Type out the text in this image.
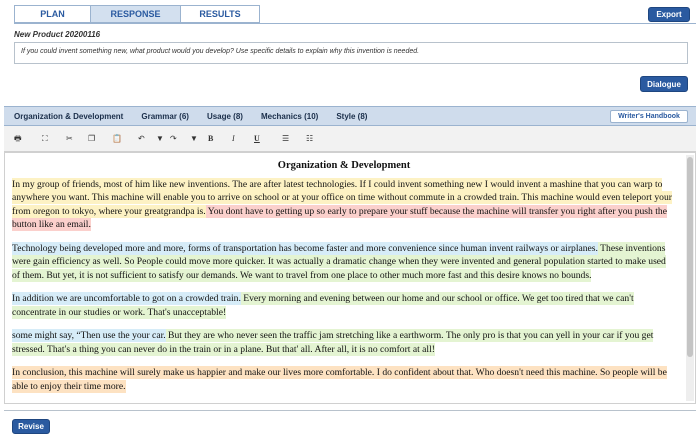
PLAN	RESPONSE	RESULTS	Export
New Product 20200116
If you could invent something new, what product would you develop? Use specific details to explain why this invention is needed.
Dialogue
Organization & Development Grammar (6) Usage (8) Mechanics (10) Style (8)	Writer's Handbook
🖶	⛶ ✂ ❐ 📋 ↶ ▼ ↷ ▼ B I U	☰ ☷
Organization & Development

In my group of friends, most of him like new inventions. The are after latest technologies. If I could invent something new I would invent a mashine that you can warp to anywhere you want. This machine will enable you to arrive on school or at your office on time without commute in a crowded train. This machine would even teleport your from oregon to tokyo, where your greatgrandpa is. You dont have to getting up so early to prepare your stuff because the machine will transfer you right after you push the button like an email.

Technology being developed more and more, forms of transportation has become faster and more convenience since human invent railways or airplanes. These inventions were gain efficiency as well. So People could move more quicker. It was actually a dramatic change when they were invented and general population started to make used of them. But yet, it is not sufficient to satisfy our demands. We want to travel from one place to other much more fast and this desire knows no bounds.

In addition we are uncomfortable to got on a crowded train. Every morning and evening between our home and our school or office. We get too tired that we can't concentrate in our studies or work. That's unacceptable!

some might say, “Then use the your car. But they are who never seen the traffic jam stretching like a earthworm. The only pro is that you can yell in your car if you get stressed. That's a thing you can never do in the train or in a plane. But that' all. After all, it is no comfort at all!

In conclusion, this machine will surely make us happier and make our lives more comfortable. I do confident about that. Who doesn't need this machine. So people will be able to enjoy their time more.

Revise
